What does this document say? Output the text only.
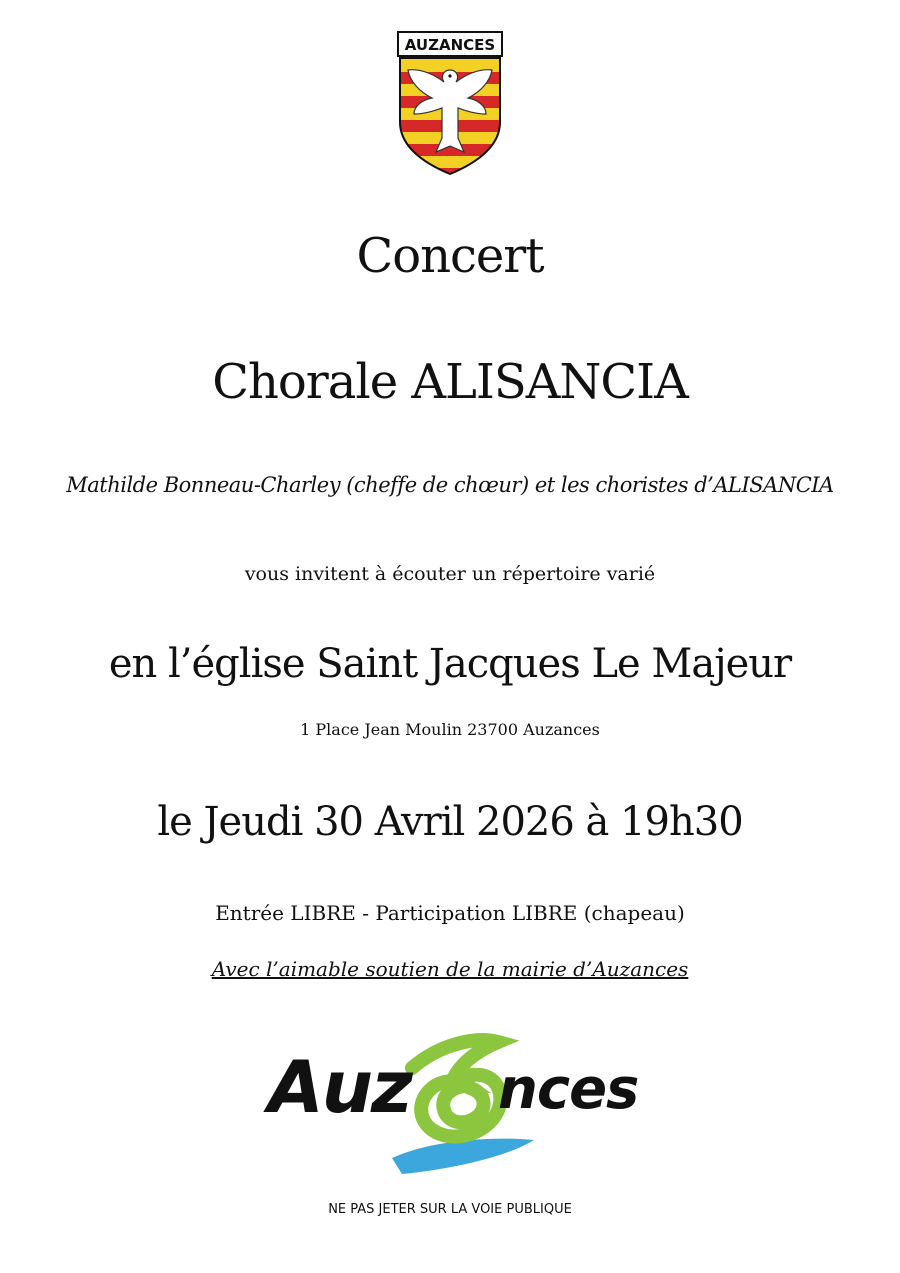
AUZANCES
Concert
Chorale ALISANCIA
Mathilde Bonneau-Charley (cheffe de chœur) et les choristes d’ALISANCIA
vous invitent à écouter un répertoire varié
en l’église Saint Jacques Le Majeur
1 Place Jean Moulin 23700 Auzances
le Jeudi 30 Avril 2026 à 19h30
Entrée LIBRE - Participation LIBRE (chapeau)
Avec l’aimable soutien de la mairie d’Auzances
Auz nces
NE PAS JETER SUR LA VOIE PUBLIQUE
